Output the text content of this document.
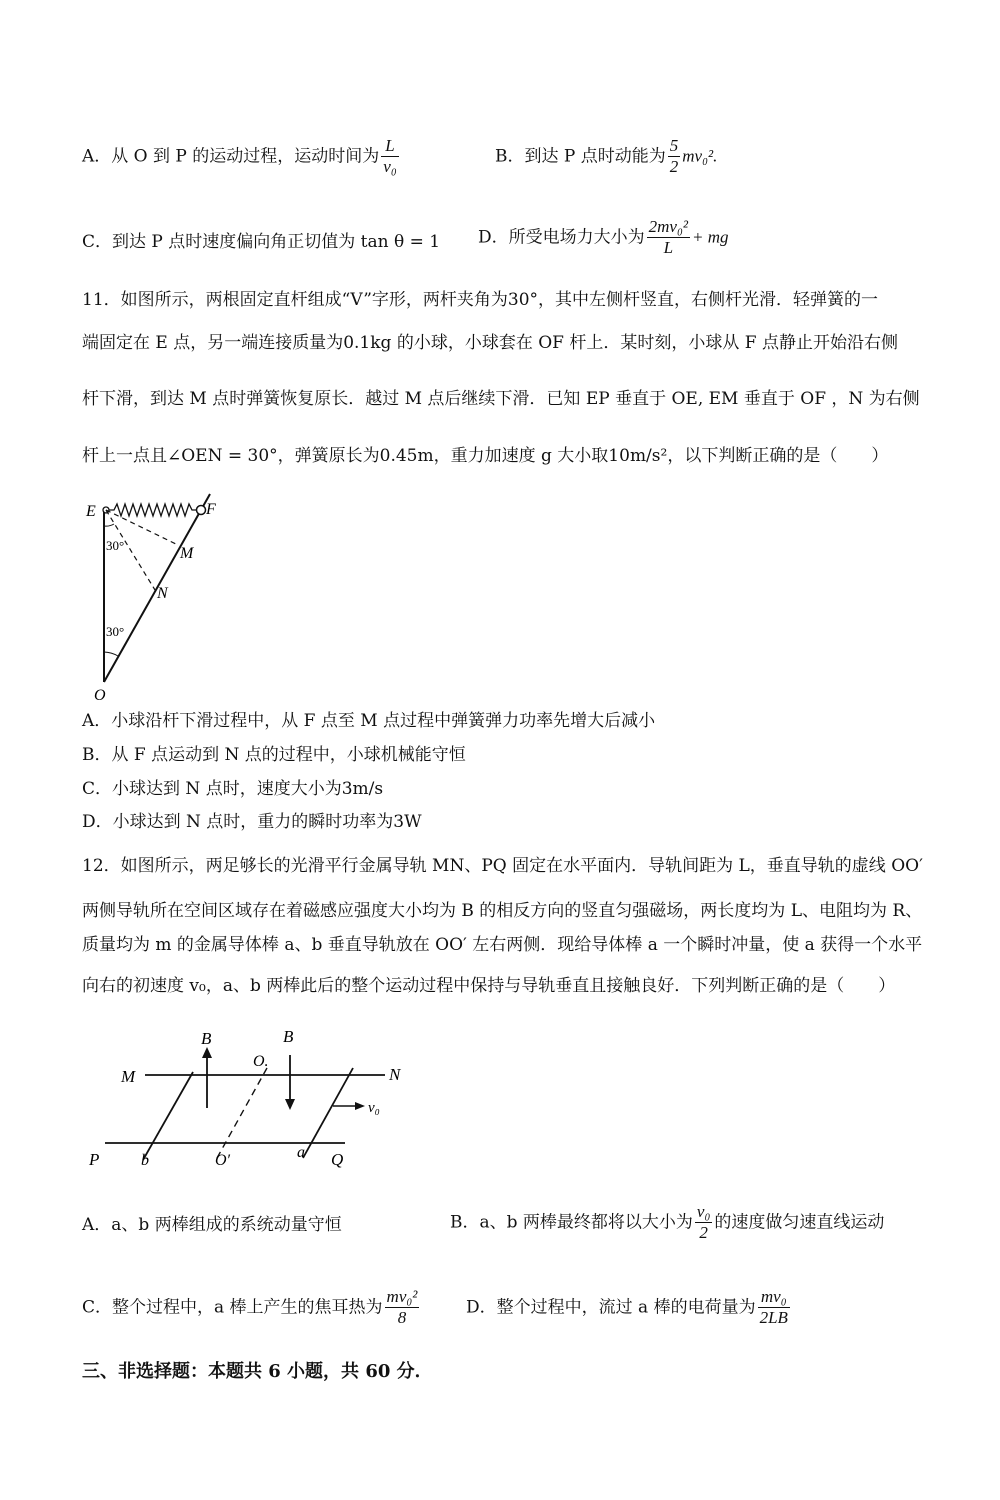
A．从 O 到 P 的运动过程，运动时间为 $\frac{L}{\text{v₀}}$	B．到达 P 点时动能为 $\frac{5}{2} mv_0^2$.
C．到达 P 点时速度偏向角正切值为 tan θ = 1 D．所受电场力大小为 $\frac{\text{2mv₀²}}{L}$ + mg
11．如图所示，两根固定直杆组成“V”字形，两杆夹角为30°，其中左侧杆竖直，右侧杆光滑．轻弹簧的一
端固定在 E 点，另一端连接质量为0.1kg 的小球，小球套在 OF 杆上．某时刻，小球从 F 点静止开始沿右侧
杆下滑，到达 M 点时弹簧恢复原长．越过 M 点后继续下滑．已知 EP 垂直于 OE, EM 垂直于 OF ，N 为右侧
杆上一点且∠OEN = 30°，弹簧原长为0.45m，重力加速度 g 大小取10m/s²，以下判断正确的是（　　）
E	F
M
N
O
30°
30°
A．小球沿杆下滑过程中，从 F 点至 M 点过程中弹簧弹力功率先增大后减小
B．从 F 点运动到 N 点的过程中，小球机械能守恒
C．小球达到 N 点时，速度大小为3m/s
D．小球达到 N 点时，重力的瞬时功率为3W
12．如图所示，两足够长的光滑平行金属导轨 MN、PQ 固定在水平面内．导轨间距为 L，垂直导轨的虚线 OO′
两侧导轨所在空间区域存在着磁感应强度大小均为 B 的相反方向的竖直匀强磁场，两长度均为 L、电阻均为 R、
质量均为 m 的金属导体棒 a、b 垂直导轨放在 OO′ 左右两侧．现给导体棒 a 一个瞬时冲量，使 a 获得一个水平
向右的初速度 v₀，a、b 两棒此后的整个运动过程中保持与导轨垂直且接触良好．下列判断正确的是（　　）
B	B
O.
M	N
P	Q
b	a
O′
v₀
A．a、b 两棒组成的系统动量守恒	B．a、b 两棒最终都将以大小为 $\frac{\text{v₀}}{2}$ 的速度做匀速直线运动
C．整个过程中，a 棒上产生的焦耳热为 $\frac{\text{mv₀²}}{8}$	D．整个过程中，流过 a 棒的电荷量为 $\frac{\text{mv₀}}{2LB}$
三、非选择题：本题共 6 小题，共 60 分．
